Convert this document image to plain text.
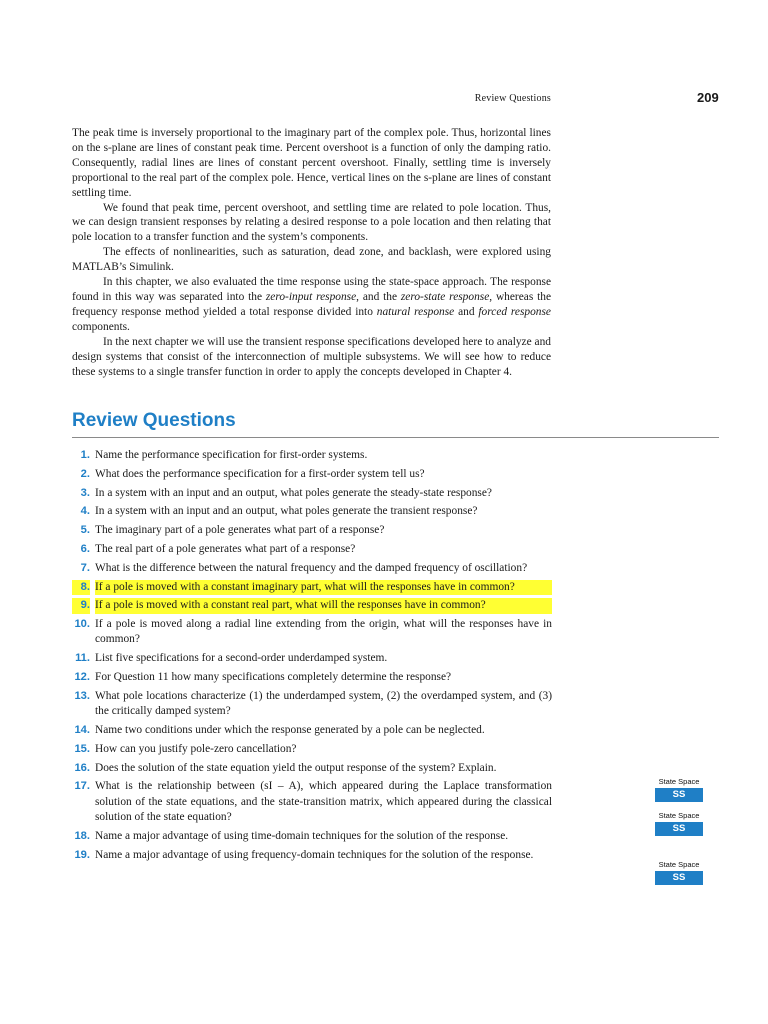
Review Questions	209

The peak time is inversely proportional to the imaginary part of the complex pole. Thus, horizontal lines on the s-plane are lines of constant peak time. Percent overshoot is a function of only the damping ratio. Consequently, radial lines are lines of constant percent overshoot. Finally, settling time is inversely proportional to the real part of the complex pole. Hence, vertical lines on the s-plane are lines of constant settling time.

We found that peak time, percent overshoot, and settling time are related to pole location. Thus, we can design transient responses by relating a desired response to a pole location and then relating that pole location to a transfer function and the system’s components.

The effects of nonlinearities, such as saturation, dead zone, and backlash, were explored using MATLAB’s Simulink.

In this chapter, we also evaluated the time response using the state-space approach. The response found in this way was separated into the zero-input response, and the zero-state response, whereas the frequency response method yielded a total response divided into natural response and forced response components.

In the next chapter we will use the transient response specifications developed here to analyze and design systems that consist of the interconnection of multiple subsystems. We will see how to reduce these systems to a single transfer function in order to apply the concepts developed in Chapter 4.

Review Questions
1. Name the performance specification for first-order systems.
2. What does the performance specification for a first-order system tell us?
3. In a system with an input and an output, what poles generate the steady-state response?
4. In a system with an input and an output, what poles generate the transient response?
5. The imaginary part of a pole generates what part of a response?
6. The real part of a pole generates what part of a response?
7. What is the difference between the natural frequency and the damped frequency of oscillation?
8. If a pole is moved with a constant imaginary part, what will the responses have in common?
9. If a pole is moved with a constant real part, what will the responses have in common?
10. If a pole is moved along a radial line extending from the origin, what will the responses have in common?
11. List five specifications for a second-order underdamped system.
12. For Question 11 how many specifications completely determine the response?
13. What pole locations characterize (1) the underdamped system, (2) the overdamped system, and (3) the critically damped system?
14. Name two conditions under which the response generated by a pole can be neglected.
15. How can you justify pole-zero cancellation?
16. Does the solution of the state equation yield the output response of the system? Explain.
17. What is the relationship between (sI – A), which appeared during the Laplace transformation solution of the state equations, and the state-transition matrix, which appeared during the classical solution of the state equation?
18. Name a major advantage of using time-domain techniques for the solution of the response.
19. Name a major advantage of using frequency-domain techniques for the solution of the response.
State Space
SS
State Space
SS
State Space
SS
